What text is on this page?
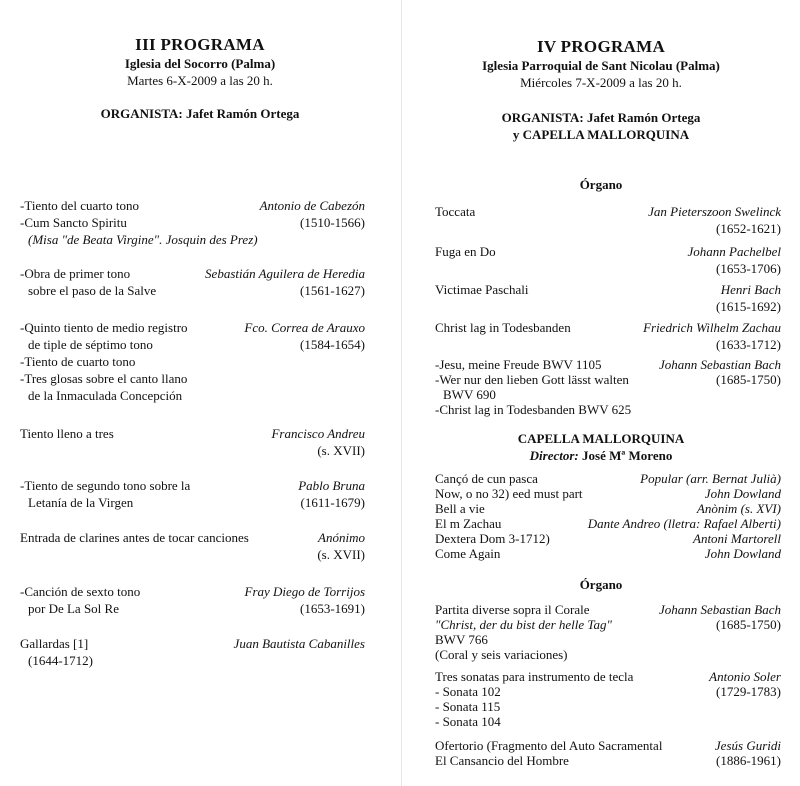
III PROGRAMA
Iglesia del Socorro (Palma)
Martes 6-X-2009 a las 20 h.
ORGANISTA: Jafet Ramón Ortega
-Tiento del cuarto tono	Antonio de Cabezón
-Cum Sancto Spiritu	(1510-1566)
(Misa "de Beata Virgine". Josquin des Prez)
-Obra de primer tono	Sebastián Aguilera de Heredia
sobre el paso de la Salve	(1561-1627)
-Quinto tiento de medio registro	Fco. Correa de Arauxo
de tiple de séptimo tono	(1584-1654)
-Tiento de cuarto tono
-Tres glosas sobre el canto llano
de la Inmaculada Concepción
Tiento lleno a tres	Francisco Andreu
(s. XVII)
-Tiento de segundo tono sobre la	Pablo Bruna
Letanía de la Virgen	(1611-1679)
Entrada de clarines antes de tocar canciones	Anónimo
(s. XVII)
-Canción de sexto tono	Fray Diego de Torrijos
por De La Sol Re	(1653-1691)
Gallardas [1]	Juan Bautista Cabanilles
(1644-1712)
IV PROGRAMA
Iglesia Parroquial de Sant Nicolau (Palma)
Miércoles 7-X-2009 a las 20 h.
ORGANISTA: Jafet Ramón Ortega
y CAPELLA MALLORQUINA
Órgano
Toccata	Jan Pieterszoon Swelinck
(1652-1621)
Fuga en Do	Johann Pachelbel
(1653-1706)
Victimae Paschali	Henri Bach
(1615-1692)
Christ lag in Todesbanden	Friedrich Wilhelm Zachau
(1633-1712)
-Jesu, meine Freude BWV 1105	Johann Sebastian Bach
-Wer nur den lieben Gott lässt walten	(1685-1750)
BWV 690
-Christ lag in Todesbanden BWV 625
CAPELLA MALLORQUINA
Director: José Mª Moreno
Cançó de cun pasca	Popular (arr. Bernat Julià)
Now, o no 32) eed must part	John Dowland
Bell a vie	Anònim (s. XVI)
El m Zachau	Dante Andreo (lletra: Rafael Alberti)
Dextera Dom 3-1712)	Antoni Martorell
Come Again	John Dowland
Órgano
Partita diverse sopra il Corale	Johann Sebastian Bach
"Christ, der du bist der helle Tag"	(1685-1750)
BWV 766
(Coral y seis variaciones)
Tres sonatas para instrumento de tecla	Antonio Soler
- Sonata 102	(1729-1783)
- Sonata 115
- Sonata 104
Ofertorio (Fragmento del Auto Sacramental	Jesús Guridi
El Cansancio del Hombre	(1886-1961)
